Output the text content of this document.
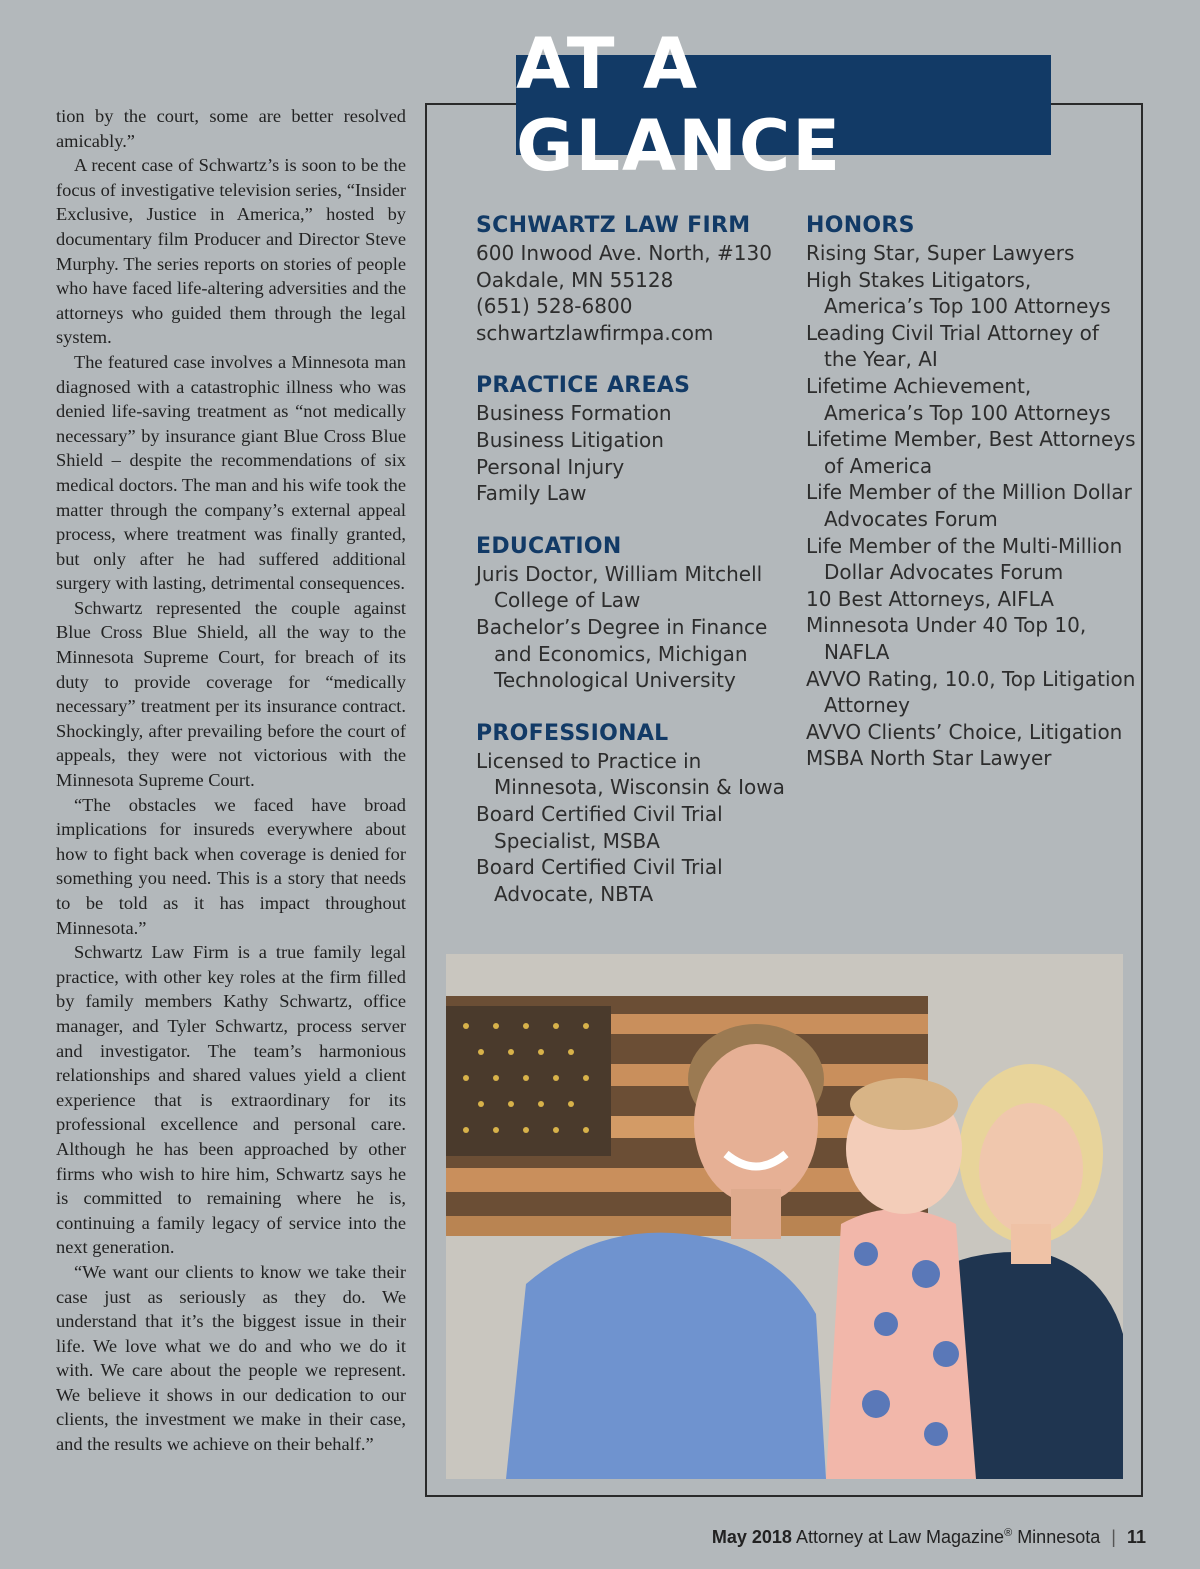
tion by the court, some are better resolved amicably.”

A recent case of Schwartz’s is soon to be the focus of investigative television series, “Insider Exclusive, Justice in America,” hosted by documentary film Producer and Director Steve Murphy. The series reports on stories of people who have faced life-altering adversities and the attorneys who guided them through the legal system.

The featured case involves a Minnesota man diagnosed with a catastrophic illness who was denied life-saving treatment as “not medically necessary” by insurance giant Blue Cross Blue Shield – despite the recommendations of six medical doctors. The man and his wife took the matter through the company’s external appeal process, where treatment was finally granted, but only after he had suffered additional surgery with lasting, detrimental consequences.

Schwartz represented the couple against Blue Cross Blue Shield, all the way to the Minnesota Supreme Court, for breach of its duty to provide coverage for “medically necessary” treatment per its insurance contract. Shockingly, after prevailing before the court of appeals, they were not victorious with the Minnesota Supreme Court.

“The obstacles we faced have broad implications for insureds everywhere about how to fight back when coverage is denied for something you need. This is a story that needs to be told as it has impact throughout Minnesota.”

Schwartz Law Firm is a true family legal practice, with other key roles at the firm filled by family members Kathy Schwartz, office manager, and Tyler Schwartz, process server and investigator. The team’s harmonious relationships and shared values yield a client experience that is extraordinary for its professional excellence and personal care. Although he has been approached by other firms who wish to hire him, Schwartz says he is committed to remaining where he is, continuing a family legacy of service into the next generation.

“We want our clients to know we take their case just as seriously as they do. We understand that it’s the biggest issue in their life. We love what we do and who we do it with. We care about the people we represent. We believe it shows in our dedication to our clients, the investment we make in their case, and the results we achieve on their behalf.”

AT A GLANCE
SCHWARTZ LAW FIRM
600 Inwood Ave. North, #130
Oakdale, MN 55128
(651) 528-6800
schwartzlawfirmpa.com
PRACTICE AREAS
Business Formation
Business Litigation
Personal Injury
Family Law
EDUCATION
Juris Doctor, William Mitchell College of Law
Bachelor’s Degree in Finance and Economics, Michigan Technological University
PROFESSIONAL
Licensed to Practice in Minnesota, Wisconsin & Iowa
Board Certified Civil Trial Specialist, MSBA
Board Certified Civil Trial Advocate, NBTA
HONORS
Rising Star, Super Lawyers
High Stakes Litigators, America’s Top 100 Attorneys
Leading Civil Trial Attorney of the Year, AI
Lifetime Achievement, America’s Top 100 Attorneys
Lifetime Member, Best Attorneys of America
Life Member of the Million Dollar Advocates Forum
Life Member of the Multi-Million Dollar Advocates Forum
10 Best Attorneys, AIFLA
Minnesota Under 40 Top 10, NAFLA
AVVO Rating, 10.0, Top Litigation Attorney
AVVO Clients’ Choice, Litigation
MSBA North Star Lawyer
May 2018 Attorney at Law Magazine® Minnesota | 11
